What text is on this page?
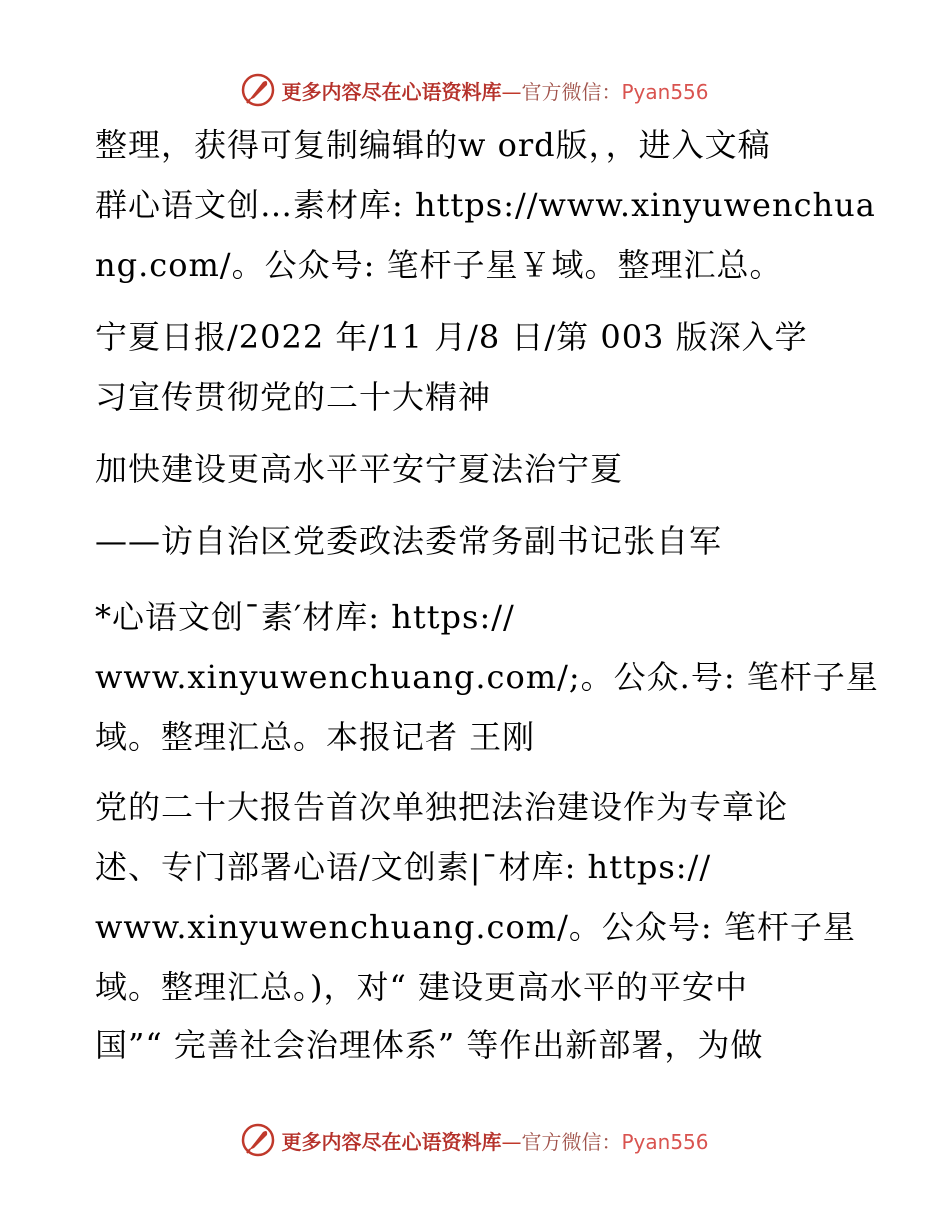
更多内容尽在心语资料库—官方微信：Pyan556
整理，获得可复制编辑的w ord版，，进入文稿
群心语文创…素材库: https://www.xinyuwenchua
ng.com/。公众号: 笔杆子星￥域。整理汇总。
宁夏日报/2022 年/11 月/8 日/第 003 版深入学
习宣传贯彻党的二十大精神
加快建设更高水平平安宁夏法治宁夏
——访自治区党委政法委常务副书记张自军
*心语文创¯素′材库: https://
www.xinyuwenchuang.com/;。公众.号: 笔杆子星
域。整理汇总。本报记者 王刚
党的二十大报告首次单独把法治建设作为专章论
述、专门部署心语/文创素|¯材库: https://
www.xinyuwenchuang.com/。公众号: 笔杆子星
域。整理汇总。)，对“ 建设更高水平的平安中
国”“ 完善社会治理体系” 等作出新部署，为做
更多内容尽在心语资料库—官方微信：Pyan556
